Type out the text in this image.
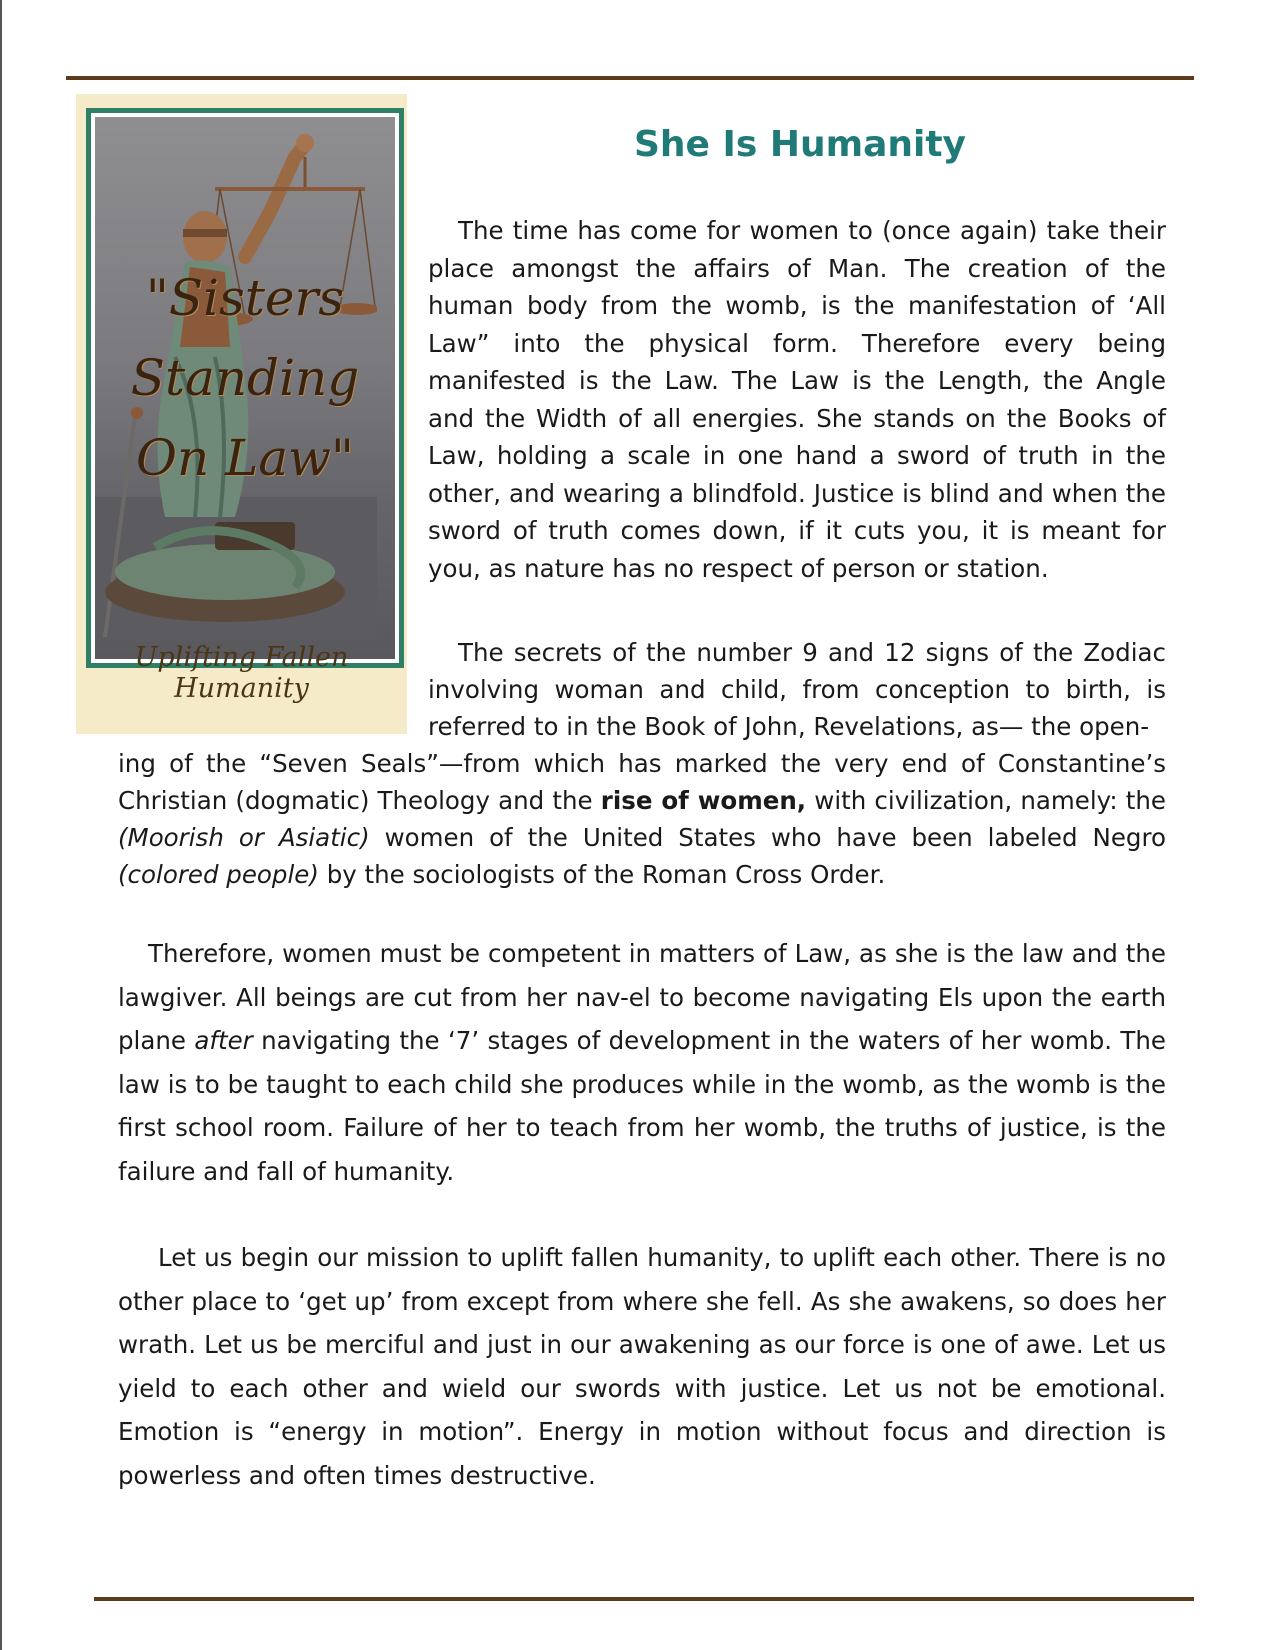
"Sisters
Standing
On Law"
Uplifting Fallen Humanity
She Is Humanity

The time has come for women to (once again) take their place amongst the affairs of Man. The creation of the human body from the womb, is the manifestation of ‘All Law” into the physical form. Therefore every being manifested is the Law. The Law is the Length, the Angle and the Width of all energies. She stands on the Books of Law, holding a scale in one hand a sword of truth in the other, and wearing a blindfold. Justice is blind and when the sword of truth comes down, if it cuts you, it is meant for you, as nature has no respect of person or station.

The secrets of the number 9 and 12 signs of the Zodiac involving woman and child, from conception to birth, is referred to in the Book of John, Revelations, as— the open-

ing of the “Seven Seals”—from which has marked the very end of Constantine’s Christian (dogmatic) Theology and the rise of women, with civilization, namely: the (Moorish or Asiatic) women of the United States who have been labeled Negro (colored people) by the sociologists of the Roman Cross Order.

Therefore, women must be competent in matters of Law, as she is the law and the lawgiver. All beings are cut from her nav-el to become navigating Els upon the earth plane after navigating the ‘7’ stages of development in the waters of her womb. The law is to be taught to each child she produces while in the womb, as the womb is the first school room. Failure of her to teach from her womb, the truths of justice, is the failure and fall of humanity.

Let us begin our mission to uplift fallen humanity, to uplift each other. There is no other place to ‘get up’ from except from where she fell. As she awakens, so does her wrath. Let us be merciful and just in our awakening as our force is one of awe. Let us yield to each other and wield our swords with justice. Let us not be emotional. Emotion is “energy in motion”. Energy in motion without focus and direction is powerless and often times destructive.
